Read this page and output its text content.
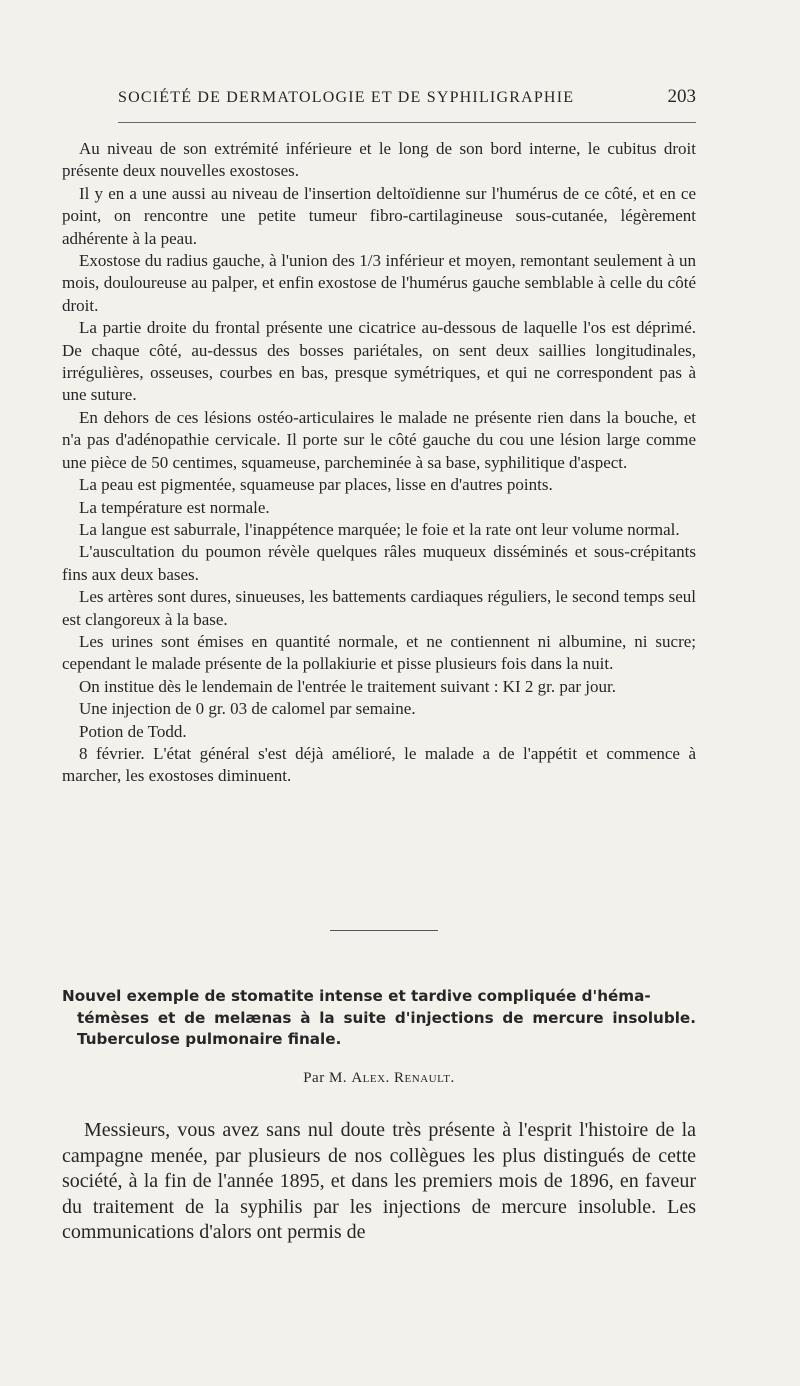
SOCIÉTÉ DE DERMATOLOGIE ET DE SYPHILIGRAPHIE	203

Au niveau de son extrémité inférieure et le long de son bord interne, le cubitus droit présente deux nouvelles exostoses.

Il y en a une aussi au niveau de l'insertion deltoïdienne sur l'humérus de ce côté, et en ce point, on rencontre une petite tumeur fibro-cartilagineuse sous-cutanée, légèrement adhérente à la peau.

Exostose du radius gauche, à l'union des 1/3 inférieur et moyen, remontant seulement à un mois, douloureuse au palper, et enfin exostose de l'humérus gauche semblable à celle du côté droit.

La partie droite du frontal présente une cicatrice au-dessous de laquelle l'os est déprimé. De chaque côté, au-dessus des bosses pariétales, on sent deux saillies longitudinales, irrégulières, osseuses, courbes en bas, presque symétriques, et qui ne correspondent pas à une suture.

En dehors de ces lésions ostéo-articulaires le malade ne présente rien dans la bouche, et n'a pas d'adénopathie cervicale. Il porte sur le côté gauche du cou une lésion large comme une pièce de 50 centimes, squameuse, parcheminée à sa base, syphilitique d'aspect.

La peau est pigmentée, squameuse par places, lisse en d'autres points.

La température est normale.

La langue est saburrale, l'inappétence marquée; le foie et la rate ont leur volume normal.

L'auscultation du poumon révèle quelques râles muqueux disséminés et sous-crépitants fins aux deux bases.

Les artères sont dures, sinueuses, les battements cardiaques réguliers, le second temps seul est clangoreux à la base.

Les urines sont émises en quantité normale, et ne contiennent ni albumine, ni sucre; cependant le malade présente de la pollakiurie et pisse plusieurs fois dans la nuit.

On institue dès le lendemain de l'entrée le traitement suivant : KI 2 gr. par jour.

Une injection de 0 gr. 03 de calomel par semaine.

Potion de Todd.

8 février. L'état général s'est déjà amélioré, le malade a de l'appétit et commence à marcher, les exostoses diminuent.

Nouvel exemple de stomatite intense et tardive compliquée d'héma-
témèses et de melænas à la suite d'injections de mercure insoluble. Tuberculose pulmonaire finale.
Par M. Alex. Renault.

Messieurs, vous avez sans nul doute très présente à l'esprit l'histoire de la campagne menée, par plusieurs de nos collègues les plus distingués de cette société, à la fin de l'année 1895, et dans les premiers mois de 1896, en faveur du traitement de la syphilis par les injections de mercure insoluble. Les communications d'alors ont permis de
